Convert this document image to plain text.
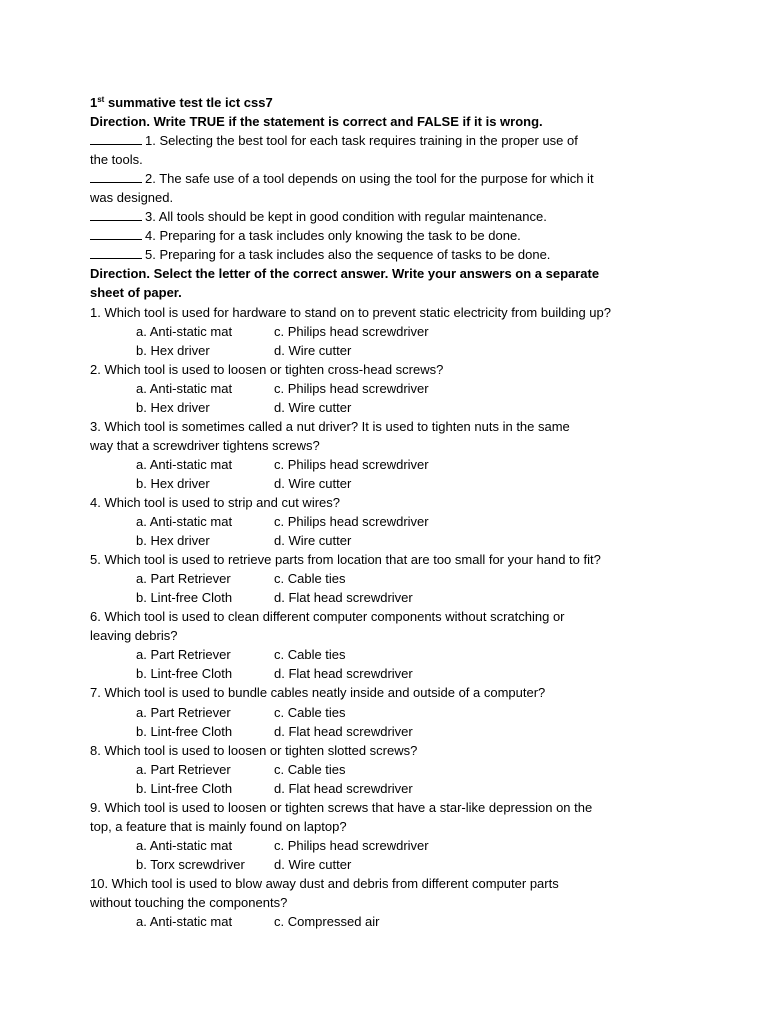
1st summative test tle ict css7
Direction. Write TRUE if the statement is correct and FALSE if it is wrong.
1. Selecting the best tool for each task requires training in the proper use of
the tools.
2. The safe use of a tool depends on using the tool for the purpose for which it
was designed.
3. All tools should be kept in good condition with regular maintenance.
4. Preparing for a task includes only knowing the task to be done.
5. Preparing for a task includes also the sequence of tasks to be done.
Direction. Select the letter of the correct answer. Write your answers on a separate
sheet of paper.
1. Which tool is used for hardware to stand on to prevent static electricity from building up?
a. Anti-static mat	c. Philips head screwdriver
b. Hex driver	d. Wire cutter
2. Which tool is used to loosen or tighten cross-head screws?
a. Anti-static mat	c. Philips head screwdriver
b. Hex driver	d. Wire cutter
3. Which tool is sometimes called a nut driver? It is used to tighten nuts in the same
way that a screwdriver tightens screws?
a. Anti-static mat	c. Philips head screwdriver
b. Hex driver	d. Wire cutter
4. Which tool is used to strip and cut wires?
a. Anti-static mat	c. Philips head screwdriver
b. Hex driver	d. Wire cutter
5. Which tool is used to retrieve parts from location that are too small for your hand to fit?
a. Part Retriever	c. Cable ties
b. Lint-free Cloth	d. Flat head screwdriver
6. Which tool is used to clean different computer components without scratching or
leaving debris?
a. Part Retriever	c. Cable ties
b. Lint-free Cloth	d. Flat head screwdriver
7. Which tool is used to bundle cables neatly inside and outside of a computer?
a. Part Retriever	c. Cable ties
b. Lint-free Cloth	d. Flat head screwdriver
8. Which tool is used to loosen or tighten slotted screws?
a. Part Retriever	c. Cable ties
b. Lint-free Cloth	d. Flat head screwdriver
9. Which tool is used to loosen or tighten screws that have a star-like depression on the
top, a feature that is mainly found on laptop?
a. Anti-static mat	c. Philips head screwdriver
b. Torx screwdriver d. Wire cutter
10. Which tool is used to blow away dust and debris from different computer parts
without touching the components?
a. Anti-static mat	c. Compressed air
